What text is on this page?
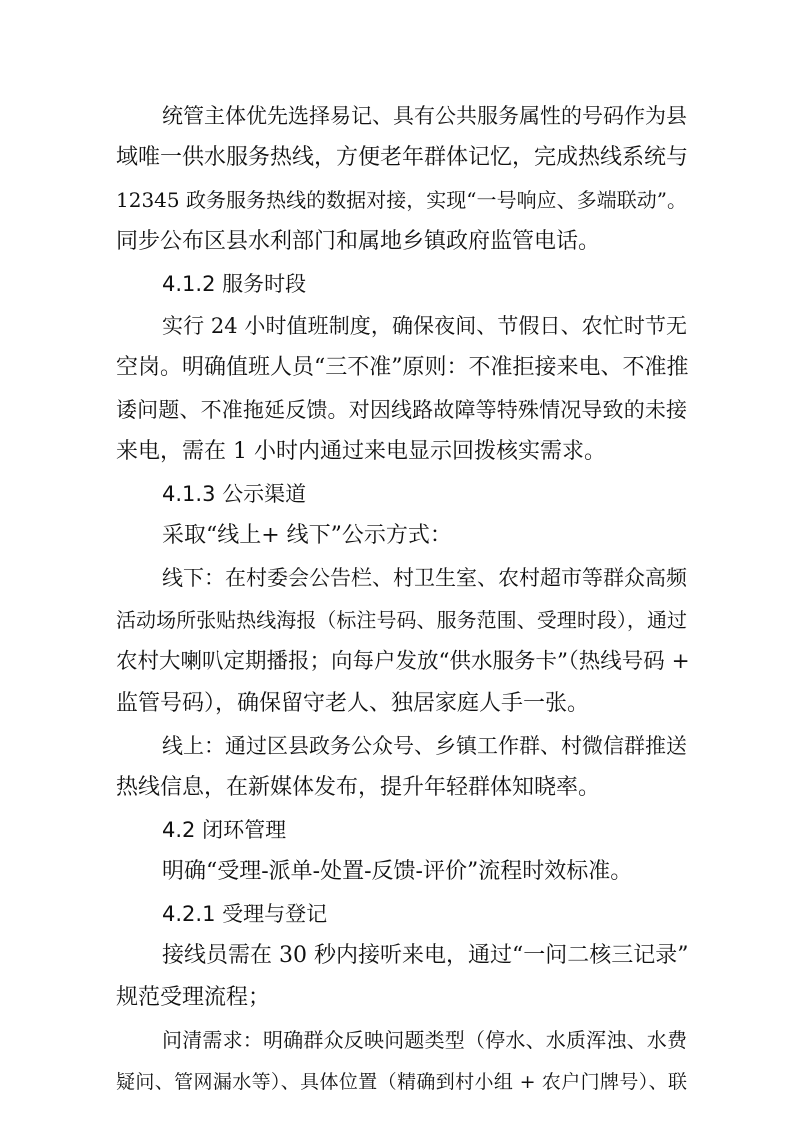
统管主体优先选择易记、具有公共服务属性的号码作为县
域唯一供水服务热线，方便老年群体记忆，完成热线系统与
12345 政务服务热线的数据对接，实现“一号响应、多端联动”。
同步公布区县水利部门和属地乡镇政府监管电话。
4.1.2 服务时段
实行 24 小时值班制度，确保夜间、节假日、农忙时节无
空岗。明确值班人员“三不准”原则：不准拒接来电、不准推
诿问题、不准拖延反馈。对因线路故障等特殊情况导致的未接
来电，需在 1 小时内通过来电显示回拨核实需求。
4.1.3 公示渠道
采取“线上+ 线下”公示方式：
线下：在村委会公告栏、村卫生室、农村超市等群众高频
活动场所张贴热线海报（标注号码、服务范围、受理时段），通过
农村大喇叭定期播报；向每户发放“供水服务卡”（热线号码 +
监管号码），确保留守老人、独居家庭人手一张。
线上：通过区县政务公众号、乡镇工作群、村微信群推送
热线信息，在新媒体发布，提升年轻群体知晓率。
4.2 闭环管理
明确“受理-派单-处置-反馈-评价”流程时效标准。
4.2.1 受理与登记
接线员需在 30 秒内接听来电，通过“一问二核三记录”
规范受理流程；
问清需求：明确群众反映问题类型（停水、水质浑浊、水费
疑问、管网漏水等）、具体位置（精确到村小组 + 农户门牌号）、联
